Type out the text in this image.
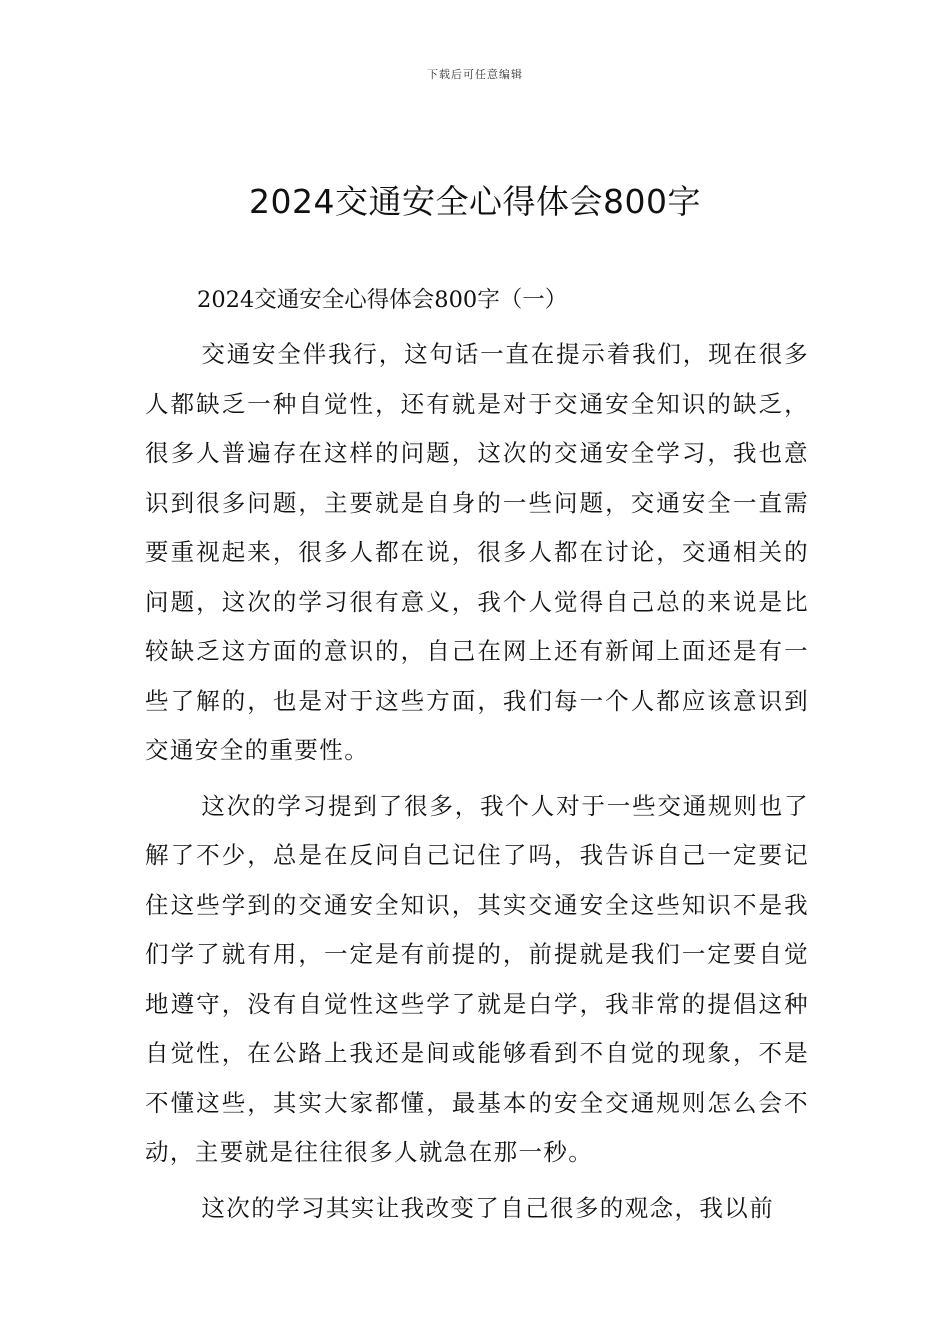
下载后可任意编辑
2024交通安全心得体会800字
2024交通安全心得体会800字（一）

交通安全伴我行，这句话一直在提示着我们，现在很多人都缺乏一种自觉性，还有就是对于交通安全知识的缺乏，很多人普遍存在这样的问题，这次的交通安全学习，我也意识到很多问题，主要就是自身的一些问题，交通安全一直需要重视起来，很多人都在说，很多人都在讨论，交通相关的问题，这次的学习很有意义，我个人觉得自己总的来说是比较缺乏这方面的意识的，自己在网上还有新闻上面还是有一些了解的，也是对于这些方面，我们每一个人都应该意识到交通安全的重要性。

这次的学习提到了很多，我个人对于一些交通规则也了解了不少，总是在反问自己记住了吗，我告诉自己一定要记住这些学到的交通安全知识，其实交通安全这些知识不是我们学了就有用，一定是有前提的，前提就是我们一定要自觉地遵守，没有自觉性这些学了就是白学，我非常的提倡这种自觉性，在公路上我还是间或能够看到不自觉的现象，不是不懂这些，其实大家都懂，最基本的安全交通规则怎么会不动，主要就是往往很多人就急在那一秒。

这次的学习其实让我改变了自己很多的观念，我以前
